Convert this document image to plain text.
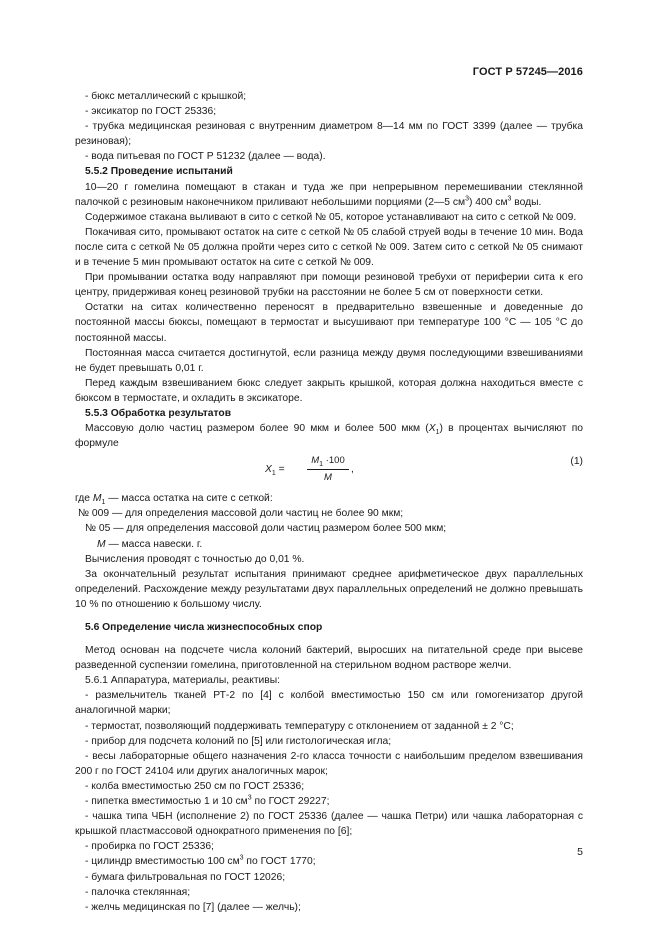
ГОСТ Р 57245—2016

- бюкс металлический с крышкой;

- эксикатор по ГОСТ 25336;

- трубка медицинская резиновая с внутренним диаметром 8—14 мм по ГОСТ 3399 (далее — трубка резиновая);

- вода питьевая по ГОСТ Р 51232 (далее — вода).

5.5.2 Проведение испытаний

10—20 г гомелина помещают в стакан и туда же при непрерывном перемешивании стеклянной палочкой с резиновым наконечником приливают небольшими порциями (2—5 $см^3$) 400 $см^3$ воды.

Содержимое стакана выливают в сито с сеткой № 05, которое устанавливают на сито с сеткой № 009.

Покачивая сито, промывают остаток на сите с сеткой № 05 слабой струей воды в течение 10 мин. Вода после сита с сеткой № 05 должна пройти через сито с сеткой № 009. Затем сито с сеткой № 05 снимают и в течение 5 мин промывают остаток на сите с сеткой № 009.

При промывании остатка воду направляют при помощи резиновой требухи от периферии сита к его центру, придерживая конец резиновой трубки на расстоянии не более 5 см от поверхности сетки.

Остатки на ситах количественно переносят в предварительно взвешенные и доведенные до постоянной массы бюксы, помещают в термостат и высушивают при температуре 100 °С — 105 °С до постоянной массы.

Постоянная масса считается достигнутой, если разница между двумя последующими взвешиваниями не будет превышать 0,01 г.

Перед каждым взвешиванием бюкс следует закрыть крышкой, которая должна находиться вместе с бюксом в термостате, и охладить в эксикаторе.

5.5.3 Обработка результатов

Массовую долю частиц размером более 90 мкм и более 500 мкм $(X_1)$ в процентах вычисляют по формуле

$X_1 = \frac{M_1 \cdot 100}{M}$ ,
(1)

где $M_1$ — масса остатка на сите с сеткой:

№ 009 — для определения массовой доли частиц не более 90 мкм;

№ 05 — для определения массовой доли частиц размером более 500 мкм;

M — масса навески. г.

Вычисления проводят с точностью до 0,01 %.

За окончательный результат испытания принимают среднее арифметическое двух параллельных определений. Расхождение между результатами двух параллельных определений не должно превышать 10 % по отношению к большому числу.

5.6 Определение числа жизнеспособных спор

Метод основан на подсчете числа колоний бактерий, выросших на питательной среде при высеве разведенной суспензии гомелина, приготовленной на стерильном водном растворе желчи.

5.6.1 Аппаратура, материалы, реактивы:

- размельчитель тканей РТ-2 по [4] с колбой вместимостью 150 см или гомогенизатор другой аналогичной марки;

- термостат, позволяющий поддерживать температуру с отклонением от заданной ± 2 °С;

- прибор для подсчета колоний по [5] или гистологическая игла;

- весы лабораторные общего назначения 2-го класса точности с наибольшим пределом взвешивания 200 г по ГОСТ 24104 или других аналогичных марок;

- колба вместимостью 250 см по ГОСТ 25336;

- пипетка вместимостью 1 и 10 $см^3$ по ГОСТ 29227;

- чашка типа ЧБН (исполнение 2) по ГОСТ 25336 (далее — чашка Петри) или чашка лабораторная с крышкой пластмассовой однократного применения по [6];

- пробирка по ГОСТ 25336;

- цилиндр вместимостью 100 $см^3$ по ГОСТ 1770;

- бумага фильтровальная по ГОСТ 12026;

- палочка стеклянная;

- желчь медицинская по [7] (далее — желчь);

5
